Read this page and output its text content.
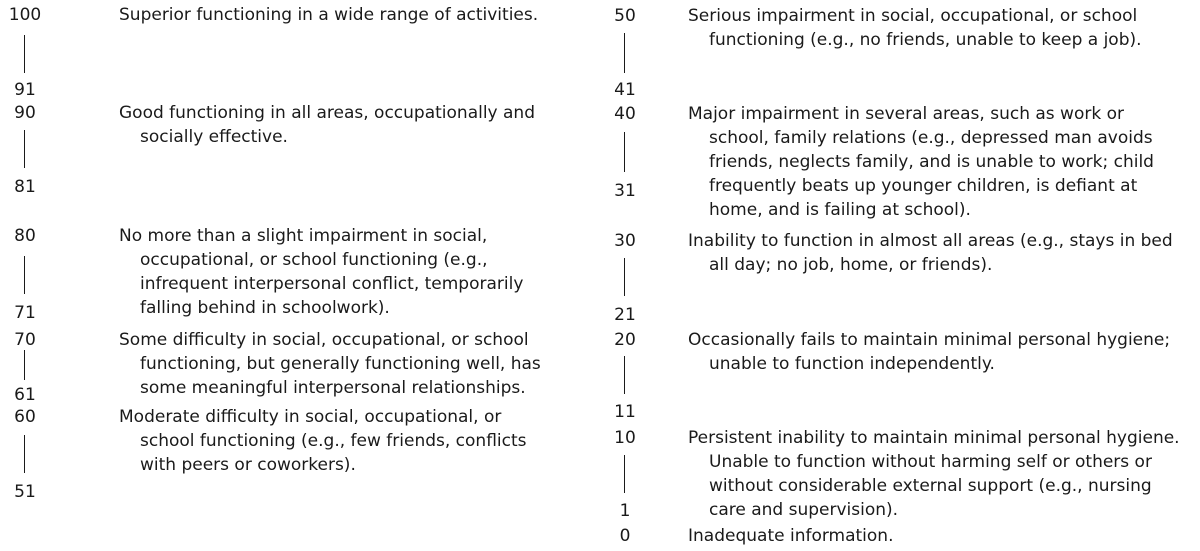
100
91
Superior functioning in a wide range of activities.
90
81
Good functioning in all areas, occupationally and
socially effective.
80
71
No more than a slight impairment in social,
occupational, or school functioning (e.g.,
infrequent interpersonal conflict, temporarily
falling behind in schoolwork).
70
61
Some difficulty in social, occupational, or school
functioning, but generally functioning well, has
some meaningful interpersonal relationships.
60
51
Moderate difficulty in social, occupational, or
school functioning (e.g., few friends, conflicts
with peers or coworkers).
50
41
Serious impairment in social, occupational, or school
functioning (e.g., no friends, unable to keep a job).
40
31
Major impairment in several areas, such as work or
school, family relations (e.g., depressed man avoids
friends, neglects family, and is unable to work; child
frequently beats up younger children, is defiant at
home, and is failing at school).
30
21
Inability to function in almost all areas (e.g., stays in bed
all day; no job, home, or friends).
20
11
Occasionally fails to maintain minimal personal hygiene;
unable to function independently.
10
1
Persistent inability to maintain minimal personal hygiene.
Unable to function without harming self or others or
without considerable external support (e.g., nursing
care and supervision).
0	Inadequate information.
